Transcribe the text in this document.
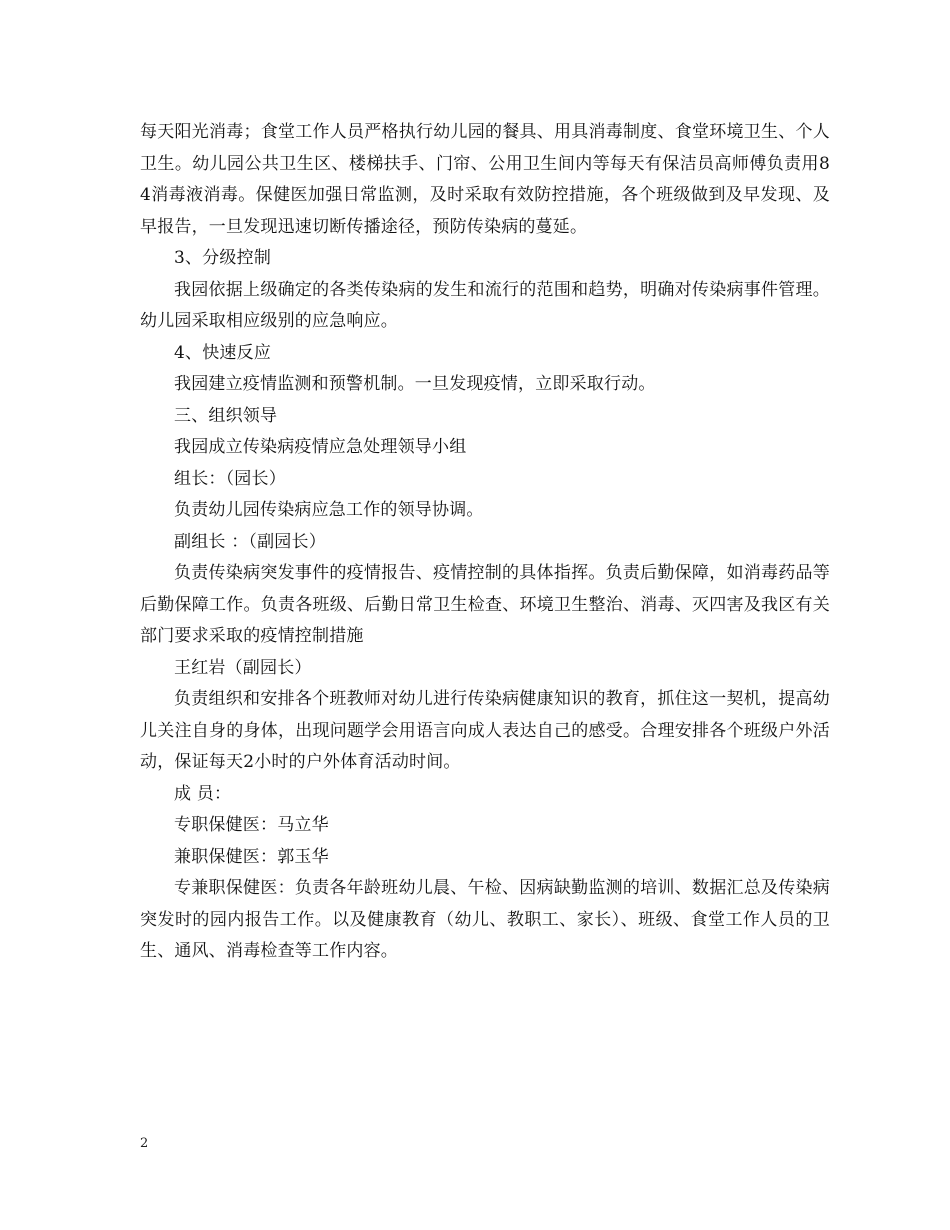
每天阳光消毒；食堂工作人员严格执行幼儿园的餐具、用具消毒制度、食堂环境卫生、个人卫生。幼儿园公共卫生区、楼梯扶手、门帘、公用卫生间内等每天有保洁员高师傅负责用84消毒液消毒。保健医加强日常监测，及时采取有效防控措施，各个班级做到及早发现、及早报告，一旦发现迅速切断传播途径，预防传染病的蔓延。

3、分级控制

我园依据上级确定的各类传染病的发生和流行的范围和趋势，明确对传染病事件管理。幼儿园采取相应级别的应急响应。

4、快速反应

我园建立疫情监测和预警机制。一旦发现疫情，立即采取行动。

三、组织领导

我园成立传染病疫情应急处理领导小组

组长：（园长）

负责幼儿园传染病应急工作的领导协调。

副组长 ：（副园长）

负责传染病突发事件的疫情报告、疫情控制的具体指挥。负责后勤保障，如消毒药品等后勤保障工作。负责各班级、后勤日常卫生检查、环境卫生整治、消毒、灭四害及我区有关部门要求采取的疫情控制措施

王红岩（副园长）

负责组织和安排各个班教师对幼儿进行传染病健康知识的教育，抓住这一契机，提高幼儿关注自身的身体，出现问题学会用语言向成人表达自己的感受。合理安排各个班级户外活动，保证每天2小时的户外体育活动时间。

成 员：

专职保健医：马立华

兼职保健医：郭玉华

专兼职保健医：负责各年龄班幼儿晨、午检、因病缺勤监测的培训、数据汇总及传染病突发时的园内报告工作。以及健康教育（幼儿、教职工、家长）、班级、食堂工作人员的卫生、通风、消毒检查等工作内容。

2
